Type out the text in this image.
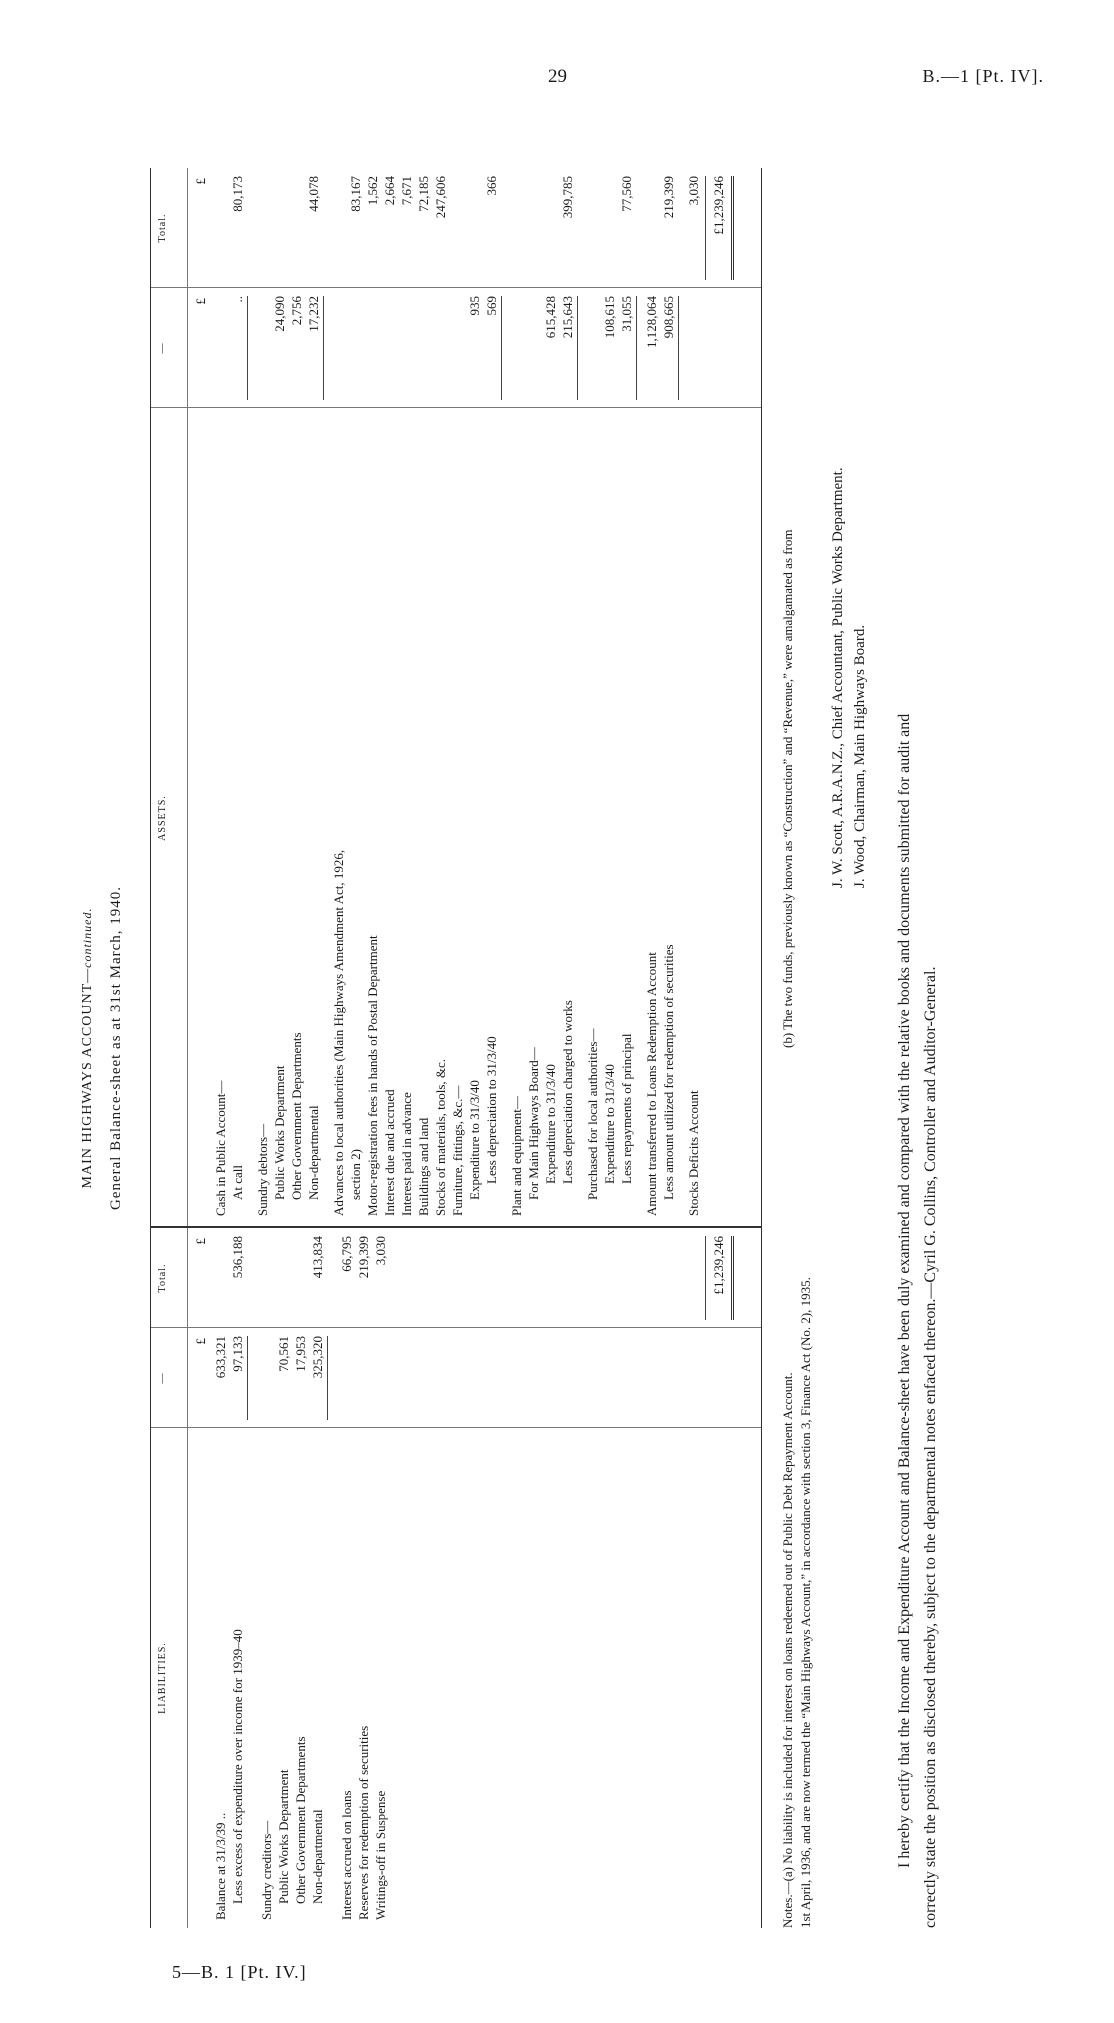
29	B.—1 [Pt. IV].
5—B. 1 [Pt. IV.]
MAIN HIGHWAYS ACCOUNT—continued. General Balance-sheet as at 31st March, 1940.
LIABILITIES.
—
Total.
ASSETS.
—
Total.
£
£
£
£
Balance at 31/3/39 ..
633,321
Less excess of expenditure over income for 1939–40
97,133
536,188
Sundry creditors— Public Works Department
70,561
Other Government Departments
17,953
Non-departmental
325,320
413,834
Interest accrued on loans
66,795
Reserves for redemption of securities
219,399
Writings-off in Suspense
3,030	£1,239,246
Cash in Public Account— At call
..
80,173
Sundry debtors— Public Works Department
24,090
Other Government Departments
2,756
Non-departmental
17,232
44,078
Advances to local authorities (Main Highways Amendment Act, 1926, section 2)
83,167
Motor-registration fees in hands of Postal Department
1,562
Interest due and accrued
2,664
Interest paid in advance
7,671
Buildings and land
72,185
Stocks of materials, tools, &c.
247,606
Furniture, fittings, &c.— Expenditure to 31/3/40
935
Less depreciation to 31/3/40
569
366
Plant and equipment— For Main Highways Board— Expenditure to 31/3/40
615,428
Less depreciation charged to works
215,643
399,785
Purchased for local authorities— Expenditure to 31/3/40
108,615
Less repayments of principal
31,055
77,560
Amount transferred to Loans Redemption Account
1,128,064
Less amount utilized for redemption of securities
908,665
219,399
Stocks Deficits Account
3,030 £1,239,246
Notes.—(a) No liability is included for interest on loans redeemed out of Public Debt Repayment Account.
(b) The two funds, previously known as “Construction” and “Revenue,” were amalgamated as from
1st April, 1936, and are now termed the “Main Highways Account,” in accordance with section 3, Finance Act (No. 2), 1935.
J. W. Scott, A.R.A.N.Z., Chief Accountant, Public Works Department. J. Wood, Chairman, Main Highways Board. I hereby certify that the Income and Expenditure Account and Balance-sheet have been duly examined and compared with the relative books and documents submitted for audit and correctly state the position as disclosed thereby, subject to the departmental notes enfaced thereon.—Cyril G. Collins, Controller and Auditor-General.
